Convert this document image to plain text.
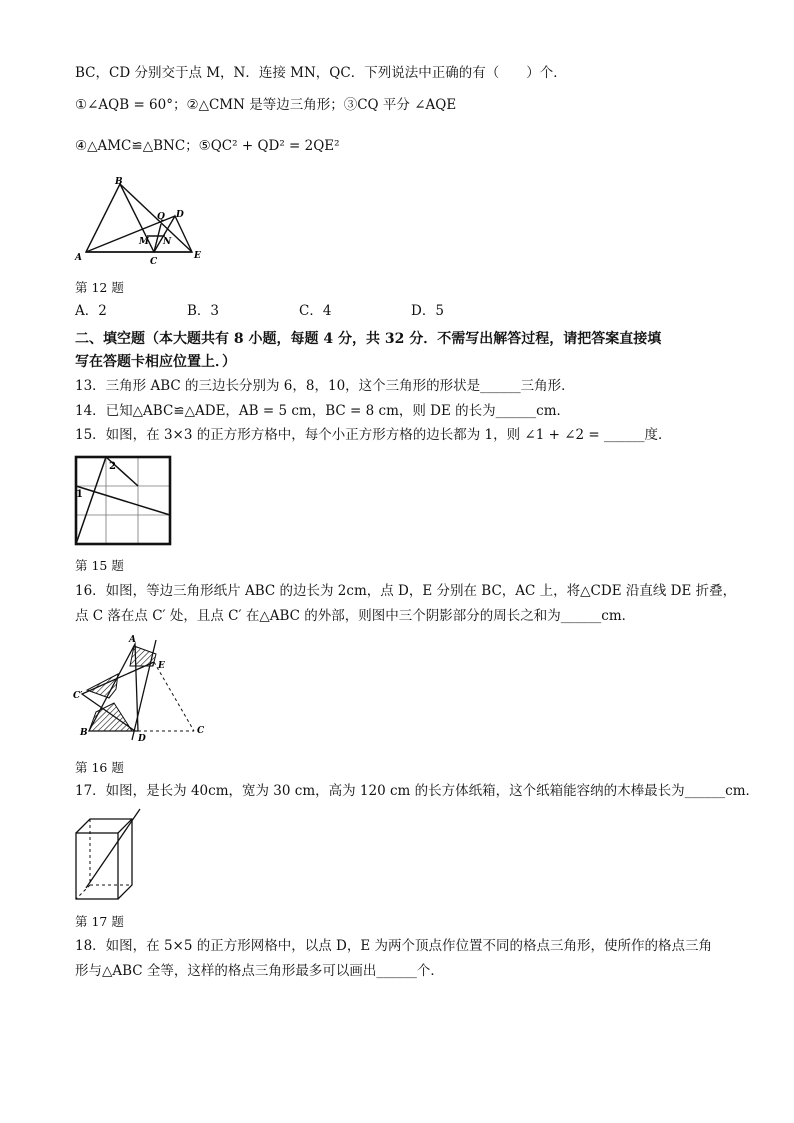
BC，CD 分别交于点 M，N．连接 MN，QC．下列说法中正确的有（　　）个．
①∠AQB = 60°；②△CMN 是等边三角形；③CQ 平分 ∠AQE
④△AMC≌△BNC；⑤QC² + QD² = 2QE²
A
B
C
D
E
Q
M N
第 12 题
A．2	B．3	C．4	D．5
二、填空题（本大题共有 8 小题，每题 4 分，共 32 分．不需写出解答过程，请把答案直接填
写在答题卡相应位置上．）
13．三角形 ABC 的三边长分别为 6，8，10，这个三角形的形状是______三角形．
14．已知△ABC≌△ADE，AB = 5 cm，BC = 8 cm，则 DE 的长为______cm．
15．如图，在 3×3 的正方形方格中，每个小正方形方格的边长都为 1，则 ∠1 + ∠2 = ______度．
2
1
第 15 题
16．如图，等边三角形纸片 ABC 的边长为 2cm，点 D，E 分别在 BC，AC 上，将△CDE 沿直线 DE 折叠，
点 C 落在点 C′ 处，且点 C′ 在△ABC 的外部，则图中三个阴影部分的周长之和为______cm．
A
E
C′
B
D
C
第 16 题
17．如图，是长为 40cm，宽为 30 cm，高为 120 cm 的长方体纸箱，这个纸箱能容纳的木棒最长为______cm．
第 17 题
18．如图，在 5×5 的正方形网格中，以点 D，E 为两个顶点作位置不同的格点三角形，使所作的格点三角
形与△ABC 全等，这样的格点三角形最多可以画出______个．
